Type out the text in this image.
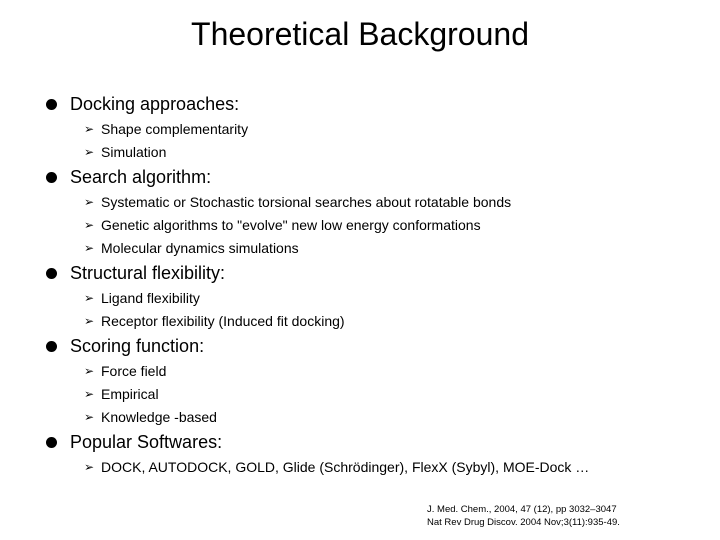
Theoretical Background
Docking approaches:
➢ Shape complementarity
➢ Simulation
Search algorithm:
➢ Systematic or Stochastic torsional searches about rotatable bonds
➢ Genetic algorithms to "evolve" new low energy conformations
➢ Molecular dynamics simulations
Structural flexibility:
➢ Ligand flexibility
➢ Receptor flexibility (Induced fit docking)
Scoring function:
➢ Force field
➢ Empirical
➢ Knowledge -based
Popular Softwares:
➢ DOCK, AUTODOCK, GOLD, Glide (Schrödinger), FlexX (Sybyl), MOE-Dock …
J. Med. Chem., 2004, 47 (12), pp 3032–3047
Nat Rev Drug Discov. 2004 Nov;3(11):935-49.
